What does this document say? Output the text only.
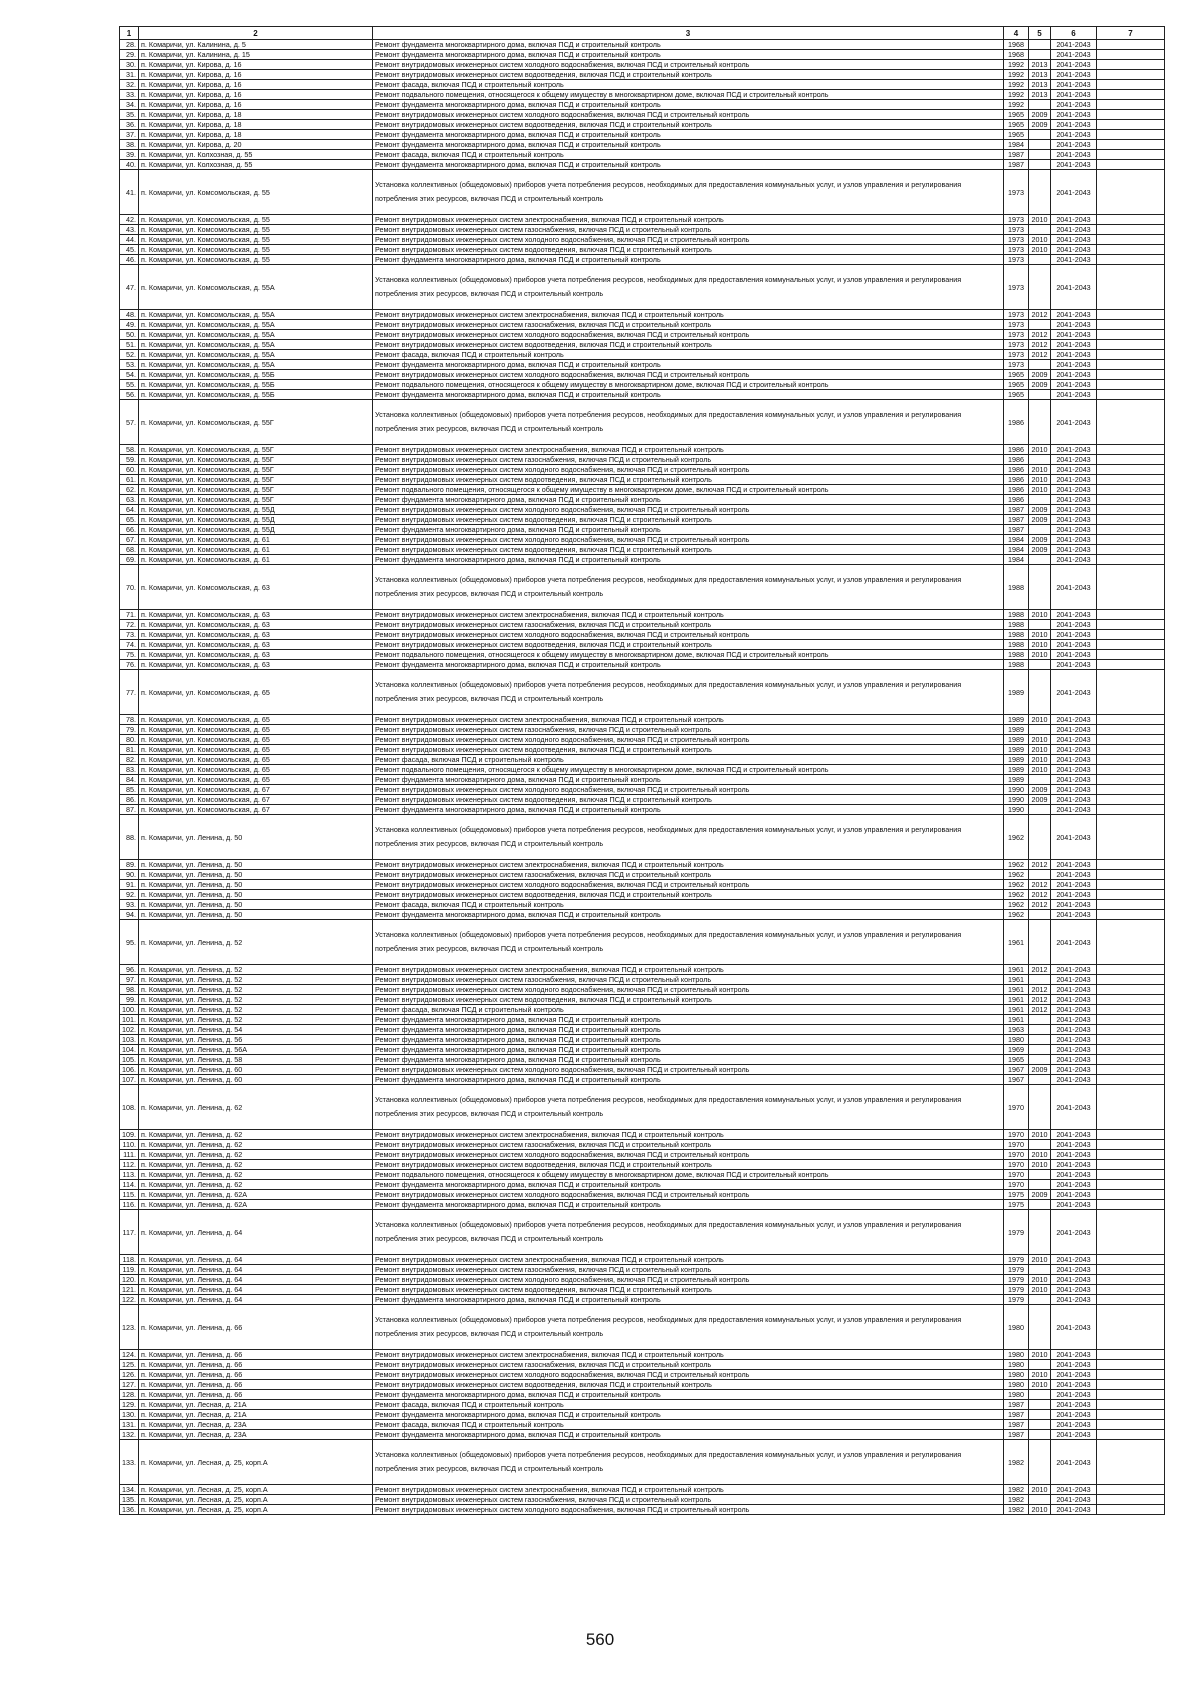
1	2	3	4	5	6	7
28.	п. Комаричи, ул. Калинина, д. 5	Ремонт фундамента многоквартирного дома, включая ПСД и строительный контроль	1968		2041-2043	
29.	п. Комаричи, ул. Калинина, д. 15	Ремонт фундамента многоквартирного дома, включая ПСД и строительный контроль	1968		2041-2043	
30.	п. Комаричи, ул. Кирова, д. 16	Ремонт внутридомовых инженерных систем холодного водоснабжения, включая ПСД и строительный контроль	1992	2013	2041-2043	
31.	п. Комаричи, ул. Кирова, д. 16	Ремонт внутридомовых инженерных систем водоотведения, включая ПСД и строительный контроль	1992	2013	2041-2043	
32.	п. Комаричи, ул. Кирова, д. 16	Ремонт фасада, включая ПСД и строительный контроль	1992	2013	2041-2043	
33.	п. Комаричи, ул. Кирова, д. 16	Ремонт подвального помещения, относящегося к общему имуществу в многоквартирном доме, включая ПСД и строительный контроль	1992	2013	2041-2043	
34.	п. Комаричи, ул. Кирова, д. 16	Ремонт фундамента многоквартирного дома, включая ПСД и строительный контроль	1992		2041-2043	
35.	п. Комаричи, ул. Кирова, д. 18	Ремонт внутридомовых инженерных систем холодного водоснабжения, включая ПСД и строительный контроль	1965	2009	2041-2043	
36.	п. Комаричи, ул. Кирова, д. 18	Ремонт внутридомовых инженерных систем водоотведения, включая ПСД и строительный контроль	1965	2009	2041-2043	
37.	п. Комаричи, ул. Кирова, д. 18	Ремонт фундамента многоквартирного дома, включая ПСД и строительный контроль	1965		2041-2043	
38.	п. Комаричи, ул. Кирова, д. 20	Ремонт фундамента многоквартирного дома, включая ПСД и строительный контроль	1984		2041-2043	
39.	п. Комаричи, ул. Колхозная, д. 55	Ремонт фасада, включая ПСД и строительный контроль	1987		2041-2043	
40.	п. Комаричи, ул. Колхозная, д. 55	Ремонт фундамента многоквартирного дома, включая ПСД и строительный контроль	1987		2041-2043	
41.	п. Комаричи, ул. Комсомольская, д. 55	Установка коллективных (общедомовых) приборов учета потребления ресурсов, необходимых для предоставления коммунальных услуг, и узлов управления и регулирования потребления этих ресурсов, включая ПСД и строительный контроль	1973		2041-2043	
42.	п. Комаричи, ул. Комсомольская, д. 55	Ремонт внутридомовых инженерных систем электроснабжения, включая ПСД и строительный контроль	1973	2010	2041-2043	
43.	п. Комаричи, ул. Комсомольская, д. 55	Ремонт внутридомовых инженерных систем газоснабжения, включая ПСД и строительный контроль	1973		2041-2043	
44.	п. Комаричи, ул. Комсомольская, д. 55	Ремонт внутридомовых инженерных систем холодного водоснабжения, включая ПСД и строительный контроль	1973	2010	2041-2043	
45.	п. Комаричи, ул. Комсомольская, д. 55	Ремонт внутридомовых инженерных систем водоотведения, включая ПСД и строительный контроль	1973	2010	2041-2043	
46.	п. Комаричи, ул. Комсомольская, д. 55	Ремонт фундамента многоквартирного дома, включая ПСД и строительный контроль	1973		2041-2043	
47.	п. Комаричи, ул. Комсомольская, д. 55А	Установка коллективных (общедомовых) приборов учета потребления ресурсов, необходимых для предоставления коммунальных услуг, и узлов управления и регулирования потребления этих ресурсов, включая ПСД и строительный контроль	1973		2041-2043	
48.	п. Комаричи, ул. Комсомольская, д. 55А	Ремонт внутридомовых инженерных систем электроснабжения, включая ПСД и строительный контроль	1973	2012	2041-2043	
49.	п. Комаричи, ул. Комсомольская, д. 55А	Ремонт внутридомовых инженерных систем газоснабжения, включая ПСД и строительный контроль	1973		2041-2043	
50.	п. Комаричи, ул. Комсомольская, д. 55А	Ремонт внутридомовых инженерных систем холодного водоснабжения, включая ПСД и строительный контроль	1973	2012	2041-2043	
51.	п. Комаричи, ул. Комсомольская, д. 55А	Ремонт внутридомовых инженерных систем водоотведения, включая ПСД и строительный контроль	1973	2012	2041-2043	
52.	п. Комаричи, ул. Комсомольская, д. 55А	Ремонт фасада, включая ПСД и строительный контроль	1973	2012	2041-2043	
53.	п. Комаричи, ул. Комсомольская, д. 55А	Ремонт фундамента многоквартирного дома, включая ПСД и строительный контроль	1973		2041-2043	
54.	п. Комаричи, ул. Комсомольская, д. 55Б	Ремонт внутридомовых инженерных систем холодного водоснабжения, включая ПСД и строительный контроль	1965	2009	2041-2043	
55.	п. Комаричи, ул. Комсомольская, д. 55Б	Ремонт подвального помещения, относящегося к общему имуществу в многоквартирном доме, включая ПСД и строительный контроль	1965	2009	2041-2043	
56.	п. Комаричи, ул. Комсомольская, д. 55Б	Ремонт фундамента многоквартирного дома, включая ПСД и строительный контроль	1965		2041-2043	
57.	п. Комаричи, ул. Комсомольская, д. 55Г	Установка коллективных (общедомовых) приборов учета потребления ресурсов, необходимых для предоставления коммунальных услуг, и узлов управления и регулирования потребления этих ресурсов, включая ПСД и строительный контроль	1986		2041-2043	
58.	п. Комаричи, ул. Комсомольская, д. 55Г	Ремонт внутридомовых инженерных систем электроснабжения, включая ПСД и строительный контроль	1986	2010	2041-2043	
59.	п. Комаричи, ул. Комсомольская, д. 55Г	Ремонт внутридомовых инженерных систем газоснабжения, включая ПСД и строительный контроль	1986		2041-2043	
60.	п. Комаричи, ул. Комсомольская, д. 55Г	Ремонт внутридомовых инженерных систем холодного водоснабжения, включая ПСД и строительный контроль	1986	2010	2041-2043	
61.	п. Комаричи, ул. Комсомольская, д. 55Г	Ремонт внутридомовых инженерных систем водоотведения, включая ПСД и строительный контроль	1986	2010	2041-2043	
62.	п. Комаричи, ул. Комсомольская, д. 55Г	Ремонт подвального помещения, относящегося к общему имуществу в многоквартирном доме, включая ПСД и строительный контроль	1986	2010	2041-2043	
63.	п. Комаричи, ул. Комсомольская, д. 55Г	Ремонт фундамента многоквартирного дома, включая ПСД и строительный контроль	1986		2041-2043	
64.	п. Комаричи, ул. Комсомольская, д. 55Д	Ремонт внутридомовых инженерных систем холодного водоснабжения, включая ПСД и строительный контроль	1987	2009	2041-2043	
65.	п. Комаричи, ул. Комсомольская, д. 55Д	Ремонт внутридомовых инженерных систем водоотведения, включая ПСД и строительный контроль	1987	2009	2041-2043	
66.	п. Комаричи, ул. Комсомольская, д. 55Д	Ремонт фундамента многоквартирного дома, включая ПСД и строительный контроль	1987		2041-2043	
67.	п. Комаричи, ул. Комсомольская, д. 61	Ремонт внутридомовых инженерных систем холодного водоснабжения, включая ПСД и строительный контроль	1984	2009	2041-2043	
68.	п. Комаричи, ул. Комсомольская, д. 61	Ремонт внутридомовых инженерных систем водоотведения, включая ПСД и строительный контроль	1984	2009	2041-2043	
69.	п. Комаричи, ул. Комсомольская, д. 61	Ремонт фундамента многоквартирного дома, включая ПСД и строительный контроль	1984		2041-2043	
70.	п. Комаричи, ул. Комсомольская, д. 63	Установка коллективных (общедомовых) приборов учета потребления ресурсов, необходимых для предоставления коммунальных услуг, и узлов управления и регулирования потребления этих ресурсов, включая ПСД и строительный контроль	1988		2041-2043	
71.	п. Комаричи, ул. Комсомольская, д. 63	Ремонт внутридомовых инженерных систем электроснабжения, включая ПСД и строительный контроль	1988	2010	2041-2043	
72.	п. Комаричи, ул. Комсомольская, д. 63	Ремонт внутридомовых инженерных систем газоснабжения, включая ПСД и строительный контроль	1988		2041-2043	
73.	п. Комаричи, ул. Комсомольская, д. 63	Ремонт внутридомовых инженерных систем холодного водоснабжения, включая ПСД и строительный контроль	1988	2010	2041-2043	
74.	п. Комаричи, ул. Комсомольская, д. 63	Ремонт внутридомовых инженерных систем водоотведения, включая ПСД и строительный контроль	1988	2010	2041-2043	
75.	п. Комаричи, ул. Комсомольская, д. 63	Ремонт подвального помещения, относящегося к общему имуществу в многоквартирном доме, включая ПСД и строительный контроль	1988	2010	2041-2043	
76.	п. Комаричи, ул. Комсомольская, д. 63	Ремонт фундамента многоквартирного дома, включая ПСД и строительный контроль	1988		2041-2043	
77.	п. Комаричи, ул. Комсомольская, д. 65	Установка коллективных (общедомовых) приборов учета потребления ресурсов, необходимых для предоставления коммунальных услуг, и узлов управления и регулирования потребления этих ресурсов, включая ПСД и строительный контроль	1989		2041-2043	
78.	п. Комаричи, ул. Комсомольская, д. 65	Ремонт внутридомовых инженерных систем электроснабжения, включая ПСД и строительный контроль	1989	2010	2041-2043	
79.	п. Комаричи, ул. Комсомольская, д. 65	Ремонт внутридомовых инженерных систем газоснабжения, включая ПСД и строительный контроль	1989		2041-2043	
80.	п. Комаричи, ул. Комсомольская, д. 65	Ремонт внутридомовых инженерных систем холодного водоснабжения, включая ПСД и строительный контроль	1989	2010	2041-2043	
81.	п. Комаричи, ул. Комсомольская, д. 65	Ремонт внутридомовых инженерных систем водоотведения, включая ПСД и строительный контроль	1989	2010	2041-2043	
82.	п. Комаричи, ул. Комсомольская, д. 65	Ремонт фасада, включая ПСД и строительный контроль	1989	2010	2041-2043	
83.	п. Комаричи, ул. Комсомольская, д. 65	Ремонт подвального помещения, относящегося к общему имуществу в многоквартирном доме, включая ПСД и строительный контроль	1989	2010	2041-2043	
84.	п. Комаричи, ул. Комсомольская, д. 65	Ремонт фундамента многоквартирного дома, включая ПСД и строительный контроль	1989		2041-2043	
85.	п. Комаричи, ул. Комсомольская, д. 67	Ремонт внутридомовых инженерных систем холодного водоснабжения, включая ПСД и строительный контроль	1990	2009	2041-2043	
86.	п. Комаричи, ул. Комсомольская, д. 67	Ремонт внутридомовых инженерных систем водоотведения, включая ПСД и строительный контроль	1990	2009	2041-2043	
87.	п. Комаричи, ул. Комсомольская, д. 67	Ремонт фундамента многоквартирного дома, включая ПСД и строительный контроль	1990		2041-2043	
88.	п. Комаричи, ул. Ленина, д. 50	Установка коллективных (общедомовых) приборов учета потребления ресурсов, необходимых для предоставления коммунальных услуг, и узлов управления и регулирования потребления этих ресурсов, включая ПСД и строительный контроль	1962		2041-2043	
89.	п. Комаричи, ул. Ленина, д. 50	Ремонт внутридомовых инженерных систем электроснабжения, включая ПСД и строительный контроль	1962	2012	2041-2043	
90.	п. Комаричи, ул. Ленина, д. 50	Ремонт внутридомовых инженерных систем газоснабжения, включая ПСД и строительный контроль	1962		2041-2043	
91.	п. Комаричи, ул. Ленина, д. 50	Ремонт внутридомовых инженерных систем холодного водоснабжения, включая ПСД и строительный контроль	1962	2012	2041-2043	
92.	п. Комаричи, ул. Ленина, д. 50	Ремонт внутридомовых инженерных систем водоотведения, включая ПСД и строительный контроль	1962	2012	2041-2043	
93.	п. Комаричи, ул. Ленина, д. 50	Ремонт фасада, включая ПСД и строительный контроль	1962	2012	2041-2043	
94.	п. Комаричи, ул. Ленина, д. 50	Ремонт фундамента многоквартирного дома, включая ПСД и строительный контроль	1962		2041-2043	
95.	п. Комаричи, ул. Ленина, д. 52	Установка коллективных (общедомовых) приборов учета потребления ресурсов, необходимых для предоставления коммунальных услуг, и узлов управления и регулирования потребления этих ресурсов, включая ПСД и строительный контроль	1961		2041-2043	
96.	п. Комаричи, ул. Ленина, д. 52	Ремонт внутридомовых инженерных систем электроснабжения, включая ПСД и строительный контроль	1961	2012	2041-2043	
97.	п. Комаричи, ул. Ленина, д. 52	Ремонт внутридомовых инженерных систем газоснабжения, включая ПСД и строительный контроль	1961		2041-2043	
98.	п. Комаричи, ул. Ленина, д. 52	Ремонт внутридомовых инженерных систем холодного водоснабжения, включая ПСД и строительный контроль	1961	2012	2041-2043	
99.	п. Комаричи, ул. Ленина, д. 52	Ремонт внутридомовых инженерных систем водоотведения, включая ПСД и строительный контроль	1961	2012	2041-2043	
100.	п. Комаричи, ул. Ленина, д. 52	Ремонт фасада, включая ПСД и строительный контроль	1961	2012	2041-2043	
101.	п. Комаричи, ул. Ленина, д. 52	Ремонт фундамента многоквартирного дома, включая ПСД и строительный контроль	1961		2041-2043	
102.	п. Комаричи, ул. Ленина, д. 54	Ремонт фундамента многоквартирного дома, включая ПСД и строительный контроль	1963		2041-2043	
103.	п. Комаричи, ул. Ленина, д. 56	Ремонт фундамента многоквартирного дома, включая ПСД и строительный контроль	1980		2041-2043	
104.	п. Комаричи, ул. Ленина, д. 56А	Ремонт фундамента многоквартирного дома, включая ПСД и строительный контроль	1969		2041-2043	
105.	п. Комаричи, ул. Ленина, д. 58	Ремонт фундамента многоквартирного дома, включая ПСД и строительный контроль	1965		2041-2043	
106.	п. Комаричи, ул. Ленина, д. 60	Ремонт внутридомовых инженерных систем холодного водоснабжения, включая ПСД и строительный контроль	1967	2009	2041-2043	
107.	п. Комаричи, ул. Ленина, д. 60	Ремонт фундамента многоквартирного дома, включая ПСД и строительный контроль	1967		2041-2043	
108.	п. Комаричи, ул. Ленина, д. 62	Установка коллективных (общедомовых) приборов учета потребления ресурсов, необходимых для предоставления коммунальных услуг, и узлов управления и регулирования потребления этих ресурсов, включая ПСД и строительный контроль	1970		2041-2043	
109.	п. Комаричи, ул. Ленина, д. 62	Ремонт внутридомовых инженерных систем электроснабжения, включая ПСД и строительный контроль	1970	2010	2041-2043	
110.	п. Комаричи, ул. Ленина, д. 62	Ремонт внутридомовых инженерных систем газоснабжения, включая ПСД и строительный контроль	1970		2041-2043	
111.	п. Комаричи, ул. Ленина, д. 62	Ремонт внутридомовых инженерных систем холодного водоснабжения, включая ПСД и строительный контроль	1970	2010	2041-2043	
112.	п. Комаричи, ул. Ленина, д. 62	Ремонт внутридомовых инженерных систем водоотведения, включая ПСД и строительный контроль	1970	2010	2041-2043	
113.	п. Комаричи, ул. Ленина, д. 62	Ремонт подвального помещения, относящегося к общему имуществу в многоквартирном доме, включая ПСД и строительный контроль	1970		2041-2043	
114.	п. Комаричи, ул. Ленина, д. 62	Ремонт фундамента многоквартирного дома, включая ПСД и строительный контроль	1970		2041-2043	
115.	п. Комаричи, ул. Ленина, д. 62А	Ремонт внутридомовых инженерных систем холодного водоснабжения, включая ПСД и строительный контроль	1975	2009	2041-2043	
116.	п. Комаричи, ул. Ленина, д. 62А	Ремонт фундамента многоквартирного дома, включая ПСД и строительный контроль	1975		2041-2043	
117.	п. Комаричи, ул. Ленина, д. 64	Установка коллективных (общедомовых) приборов учета потребления ресурсов, необходимых для предоставления коммунальных услуг, и узлов управления и регулирования потребления этих ресурсов, включая ПСД и строительный контроль	1979		2041-2043	
118.	п. Комаричи, ул. Ленина, д. 64	Ремонт внутридомовых инженерных систем электроснабжения, включая ПСД и строительный контроль	1979	2010	2041-2043	
119.	п. Комаричи, ул. Ленина, д. 64	Ремонт внутридомовых инженерных систем газоснабжения, включая ПСД и строительный контроль	1979		2041-2043	
120.	п. Комаричи, ул. Ленина, д. 64	Ремонт внутридомовых инженерных систем холодного водоснабжения, включая ПСД и строительный контроль	1979	2010	2041-2043	
121.	п. Комаричи, ул. Ленина, д. 64	Ремонт внутридомовых инженерных систем водоотведения, включая ПСД и строительный контроль	1979	2010	2041-2043	
122.	п. Комаричи, ул. Ленина, д. 64	Ремонт фундамента многоквартирного дома, включая ПСД и строительный контроль	1979		2041-2043	
123.	п. Комаричи, ул. Ленина, д. 66	Установка коллективных (общедомовых) приборов учета потребления ресурсов, необходимых для предоставления коммунальных услуг, и узлов управления и регулирования потребления этих ресурсов, включая ПСД и строительный контроль	1980		2041-2043	
124.	п. Комаричи, ул. Ленина, д. 66	Ремонт внутридомовых инженерных систем электроснабжения, включая ПСД и строительный контроль	1980	2010	2041-2043	
125.	п. Комаричи, ул. Ленина, д. 66	Ремонт внутридомовых инженерных систем газоснабжения, включая ПСД и строительный контроль	1980		2041-2043	
126.	п. Комаричи, ул. Ленина, д. 66	Ремонт внутридомовых инженерных систем холодного водоснабжения, включая ПСД и строительный контроль	1980	2010	2041-2043	
127.	п. Комаричи, ул. Ленина, д. 66	Ремонт внутридомовых инженерных систем водоотведения, включая ПСД и строительный контроль	1980	2010	2041-2043	
128.	п. Комаричи, ул. Ленина, д. 66	Ремонт фундамента многоквартирного дома, включая ПСД и строительный контроль	1980		2041-2043	
129.	п. Комаричи, ул. Лесная, д. 21А	Ремонт фасада, включая ПСД и строительный контроль	1987		2041-2043	
130.	п. Комаричи, ул. Лесная, д. 21А	Ремонт фундамента многоквартирного дома, включая ПСД и строительный контроль	1987		2041-2043	
131.	п. Комаричи, ул. Лесная, д. 23А	Ремонт фасада, включая ПСД и строительный контроль	1987		2041-2043	
132.	п. Комаричи, ул. Лесная, д. 23А	Ремонт фундамента многоквартирного дома, включая ПСД и строительный контроль	1987		2041-2043	
133.	п. Комаричи, ул. Лесная, д. 25, корп.А	Установка коллективных (общедомовых) приборов учета потребления ресурсов, необходимых для предоставления коммунальных услуг, и узлов управления и регулирования потребления этих ресурсов, включая ПСД и строительный контроль	1982		2041-2043	
134.	п. Комаричи, ул. Лесная, д. 25, корп.А	Ремонт внутридомовых инженерных систем электроснабжения, включая ПСД и строительный контроль	1982	2010	2041-2043	
135.	п. Комаричи, ул. Лесная, д. 25, корп.А	Ремонт внутридомовых инженерных систем газоснабжения, включая ПСД и строительный контроль	1982		2041-2043	
136.	п. Комаричи, ул. Лесная, д. 25, корп.А	Ремонт внутридомовых инженерных систем холодного водоснабжения, включая ПСД и строительный контроль	1982	2010	2041-2043	
560
